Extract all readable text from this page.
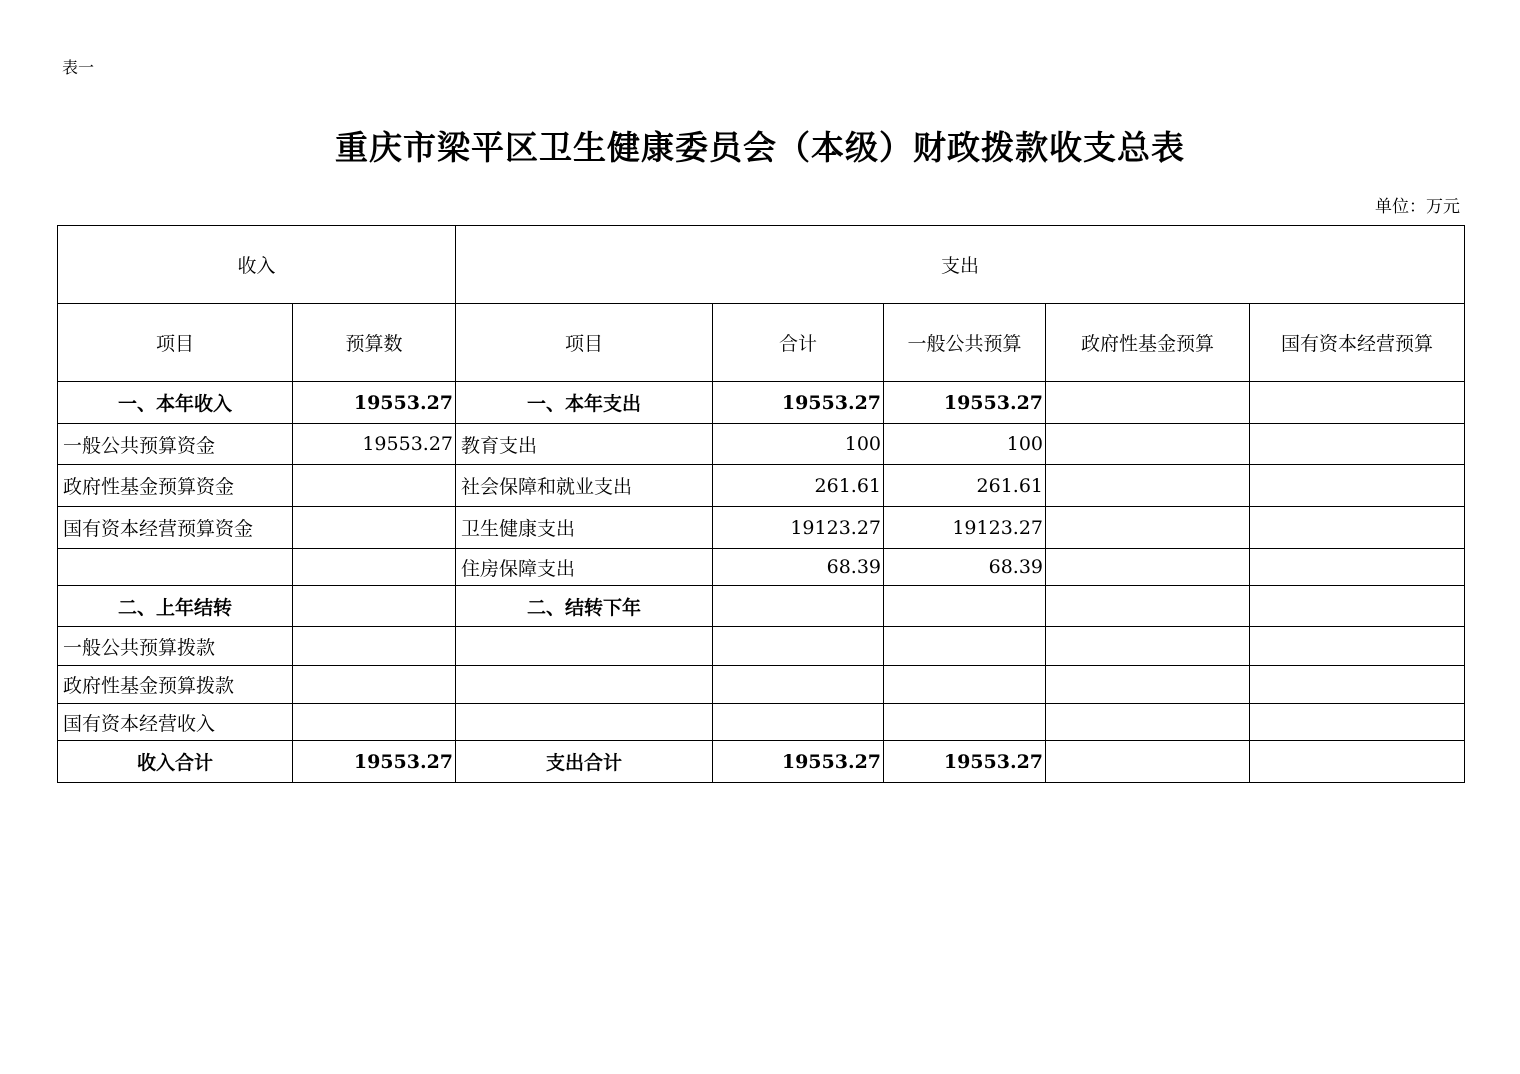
表一
重庆市梁平区卫生健康委员会（本级）财政拨款收支总表
单位：万元
收入		支出				
项目	预算数	项目	合计	一般公共预算	政府性基金预算	国有资本经营预算
一、本年收入	19553.27	一、本年支出	19553.27	19553.27		
一般公共预算资金	19553.27	教育支出	100	100		
政府性基金预算资金		社会保障和就业支出	261.61	261.61		
国有资本经营预算资金		卫生健康支出	19123.27	19123.27		
		住房保障支出	68.39	68.39		
二、上年结转		二、结转下年				
一般公共预算拨款						
政府性基金预算拨款						
国有资本经营收入						
收入合计	19553.27	支出合计	19553.27	19553.27		
